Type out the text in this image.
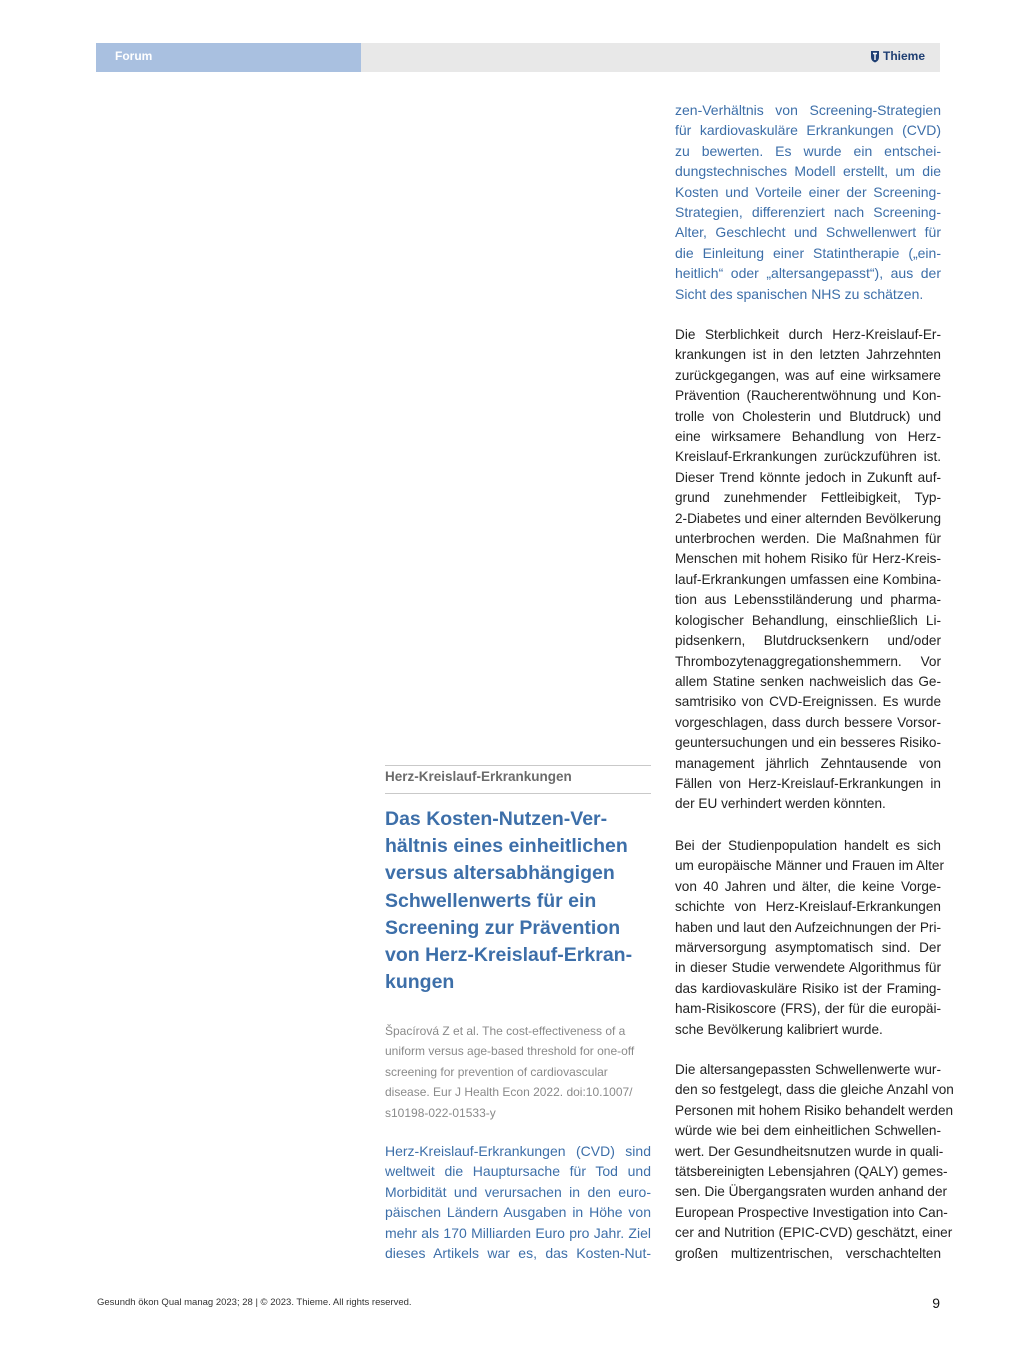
Forum	Thieme
Herz-Kreislauf-Erkrankungen
Das Kosten-Nutzen-Ver-
hältnis eines einheitlichen
versus altersabhängigen
Schwellenwerts für ein
Screening zur Prävention
von Herz-Kreislauf-Erkran-
kungen

Špacírová Z et al. The cost-effectiveness of a
uniform versus age-based threshold for one-off
screening for prevention of cardiovascular
disease. Eur J Health Econ 2022. doi:10.1007/
s10198-022-01533-y

Herz-Kreislauf-Erkrankungen (CVD) sind
weltweit die Hauptursache für Tod und
Morbidität und verursachen in den euro-
päischen Ländern Ausgaben in Höhe von
mehr als 170 Milliarden Euro pro Jahr. Ziel
dieses Artikels war es, das Kosten-Nut-

zen-Verhältnis von Screening-Strategien
für kardiovaskuläre Erkrankungen (CVD)
zu bewerten. Es wurde ein entschei-
dungstechnisches Modell erstellt, um die
Kosten und Vorteile einer der Screening-
Strategien, differenziert nach Screening-
Alter, Geschlecht und Schwellenwert für
die Einleitung einer Statintherapie („ein-
heitlich“ oder „altersangepasst“), aus der
Sicht des spanischen NHS zu schätzen.

Die Sterblichkeit durch Herz-Kreislauf-Er-
krankungen ist in den letzten Jahrzehnten
zurückgegangen, was auf eine wirksamere
Prävention (Raucherentwöhnung und Kon-
trolle von Cholesterin und Blutdruck) und
eine wirksamere Behandlung von Herz-
Kreislauf-Erkrankungen zurückzuführen ist.
Dieser Trend könnte jedoch in Zukunft auf-
grund zunehmender Fettleibigkeit, Typ-
2-Diabetes und einer alternden Bevölkerung
unterbrochen werden. Die Maßnahmen für
Menschen mit hohem Risiko für Herz-Kreis-
lauf-Erkrankungen umfassen eine Kombina-
tion aus Lebensstiländerung und pharma-
kologischer Behandlung, einschließlich Li-
pidsenkern, Blutdrucksenkern und/oder
Thrombozytenaggregationshemmern. Vor
allem Statine senken nachweislich das Ge-
samtrisiko von CVD-Ereignissen. Es wurde
vorgeschlagen, dass durch bessere Vorsor-
geuntersuchungen und ein besseres Risiko-
management jährlich Zehntausende von
Fällen von Herz-Kreislauf-Erkrankungen in
der EU verhindert werden könnten.

Bei der Studienpopulation handelt es sich
um europäische Männer und Frauen im Alter
von 40 Jahren und älter, die keine Vorge-
schichte von Herz-Kreislauf-Erkrankungen
haben und laut den Aufzeichnungen der Pri-
märversorgung asymptomatisch sind. Der
in dieser Studie verwendete Algorithmus für
das kardiovaskuläre Risiko ist der Framing-
ham-Risikoscore (FRS), der für die europäi-
sche Bevölkerung kalibriert wurde.

Die altersangepassten Schwellenwerte wur-
den so festgelegt, dass die gleiche Anzahl von
Personen mit hohem Risiko behandelt werden
würde wie bei dem einheitlichen Schwellen-
wert. Der Gesundheitsnutzen wurde in quali-
tätsbereinigten Lebensjahren (QALY) gemes-
sen. Die Übergangsraten wurden anhand der
European Prospective Investigation into Can-
cer and Nutrition (EPIC-CVD) geschätzt, einer
großen multizentrischen, verschachtelten

Gesundh ökon Qual manag 2023; 28 | © 2023. Thieme. All rights reserved.	9
